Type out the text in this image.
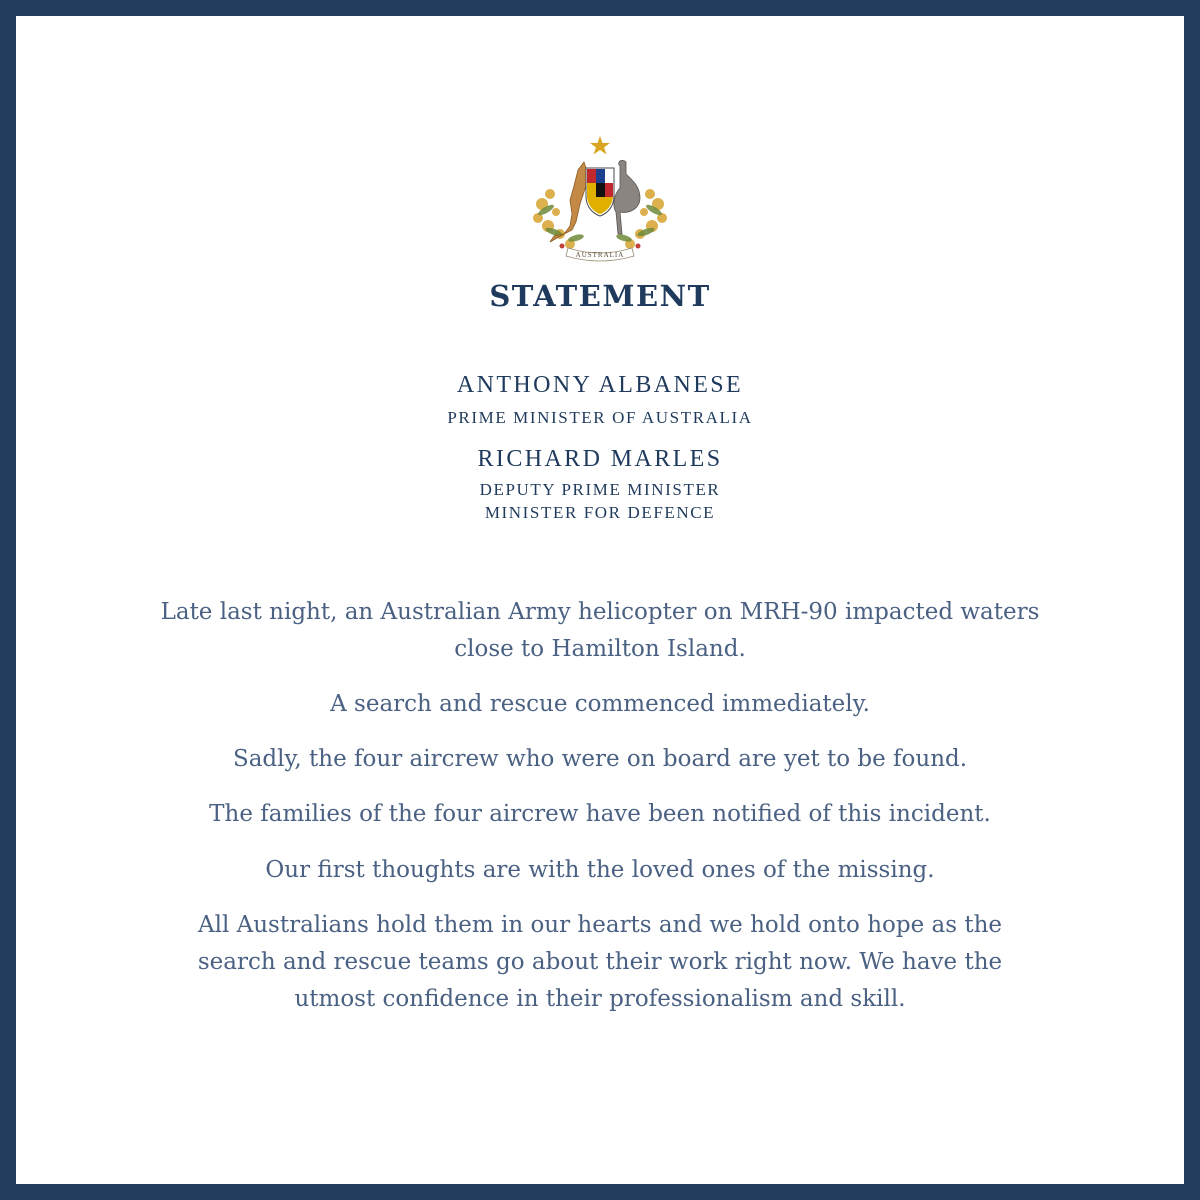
AUSTRALIA
STATEMENT
ANTHONY ALBANESE
PRIME MINISTER OF AUSTRALIA
RICHARD MARLES
DEPUTY PRIME MINISTER
MINISTER FOR DEFENCE
Late last night, an Australian Army helicopter on MRH-90 impacted waters close to Hamilton Island.
A search and rescue commenced immediately.
Sadly, the four aircrew who were on board are yet to be found.
The families of the four aircrew have been notified of this incident.
Our first thoughts are with the loved ones of the missing.
All Australians hold them in our hearts and we hold onto hope as the search and rescue teams go about their work right now. We have the utmost confidence in their professionalism and skill.
